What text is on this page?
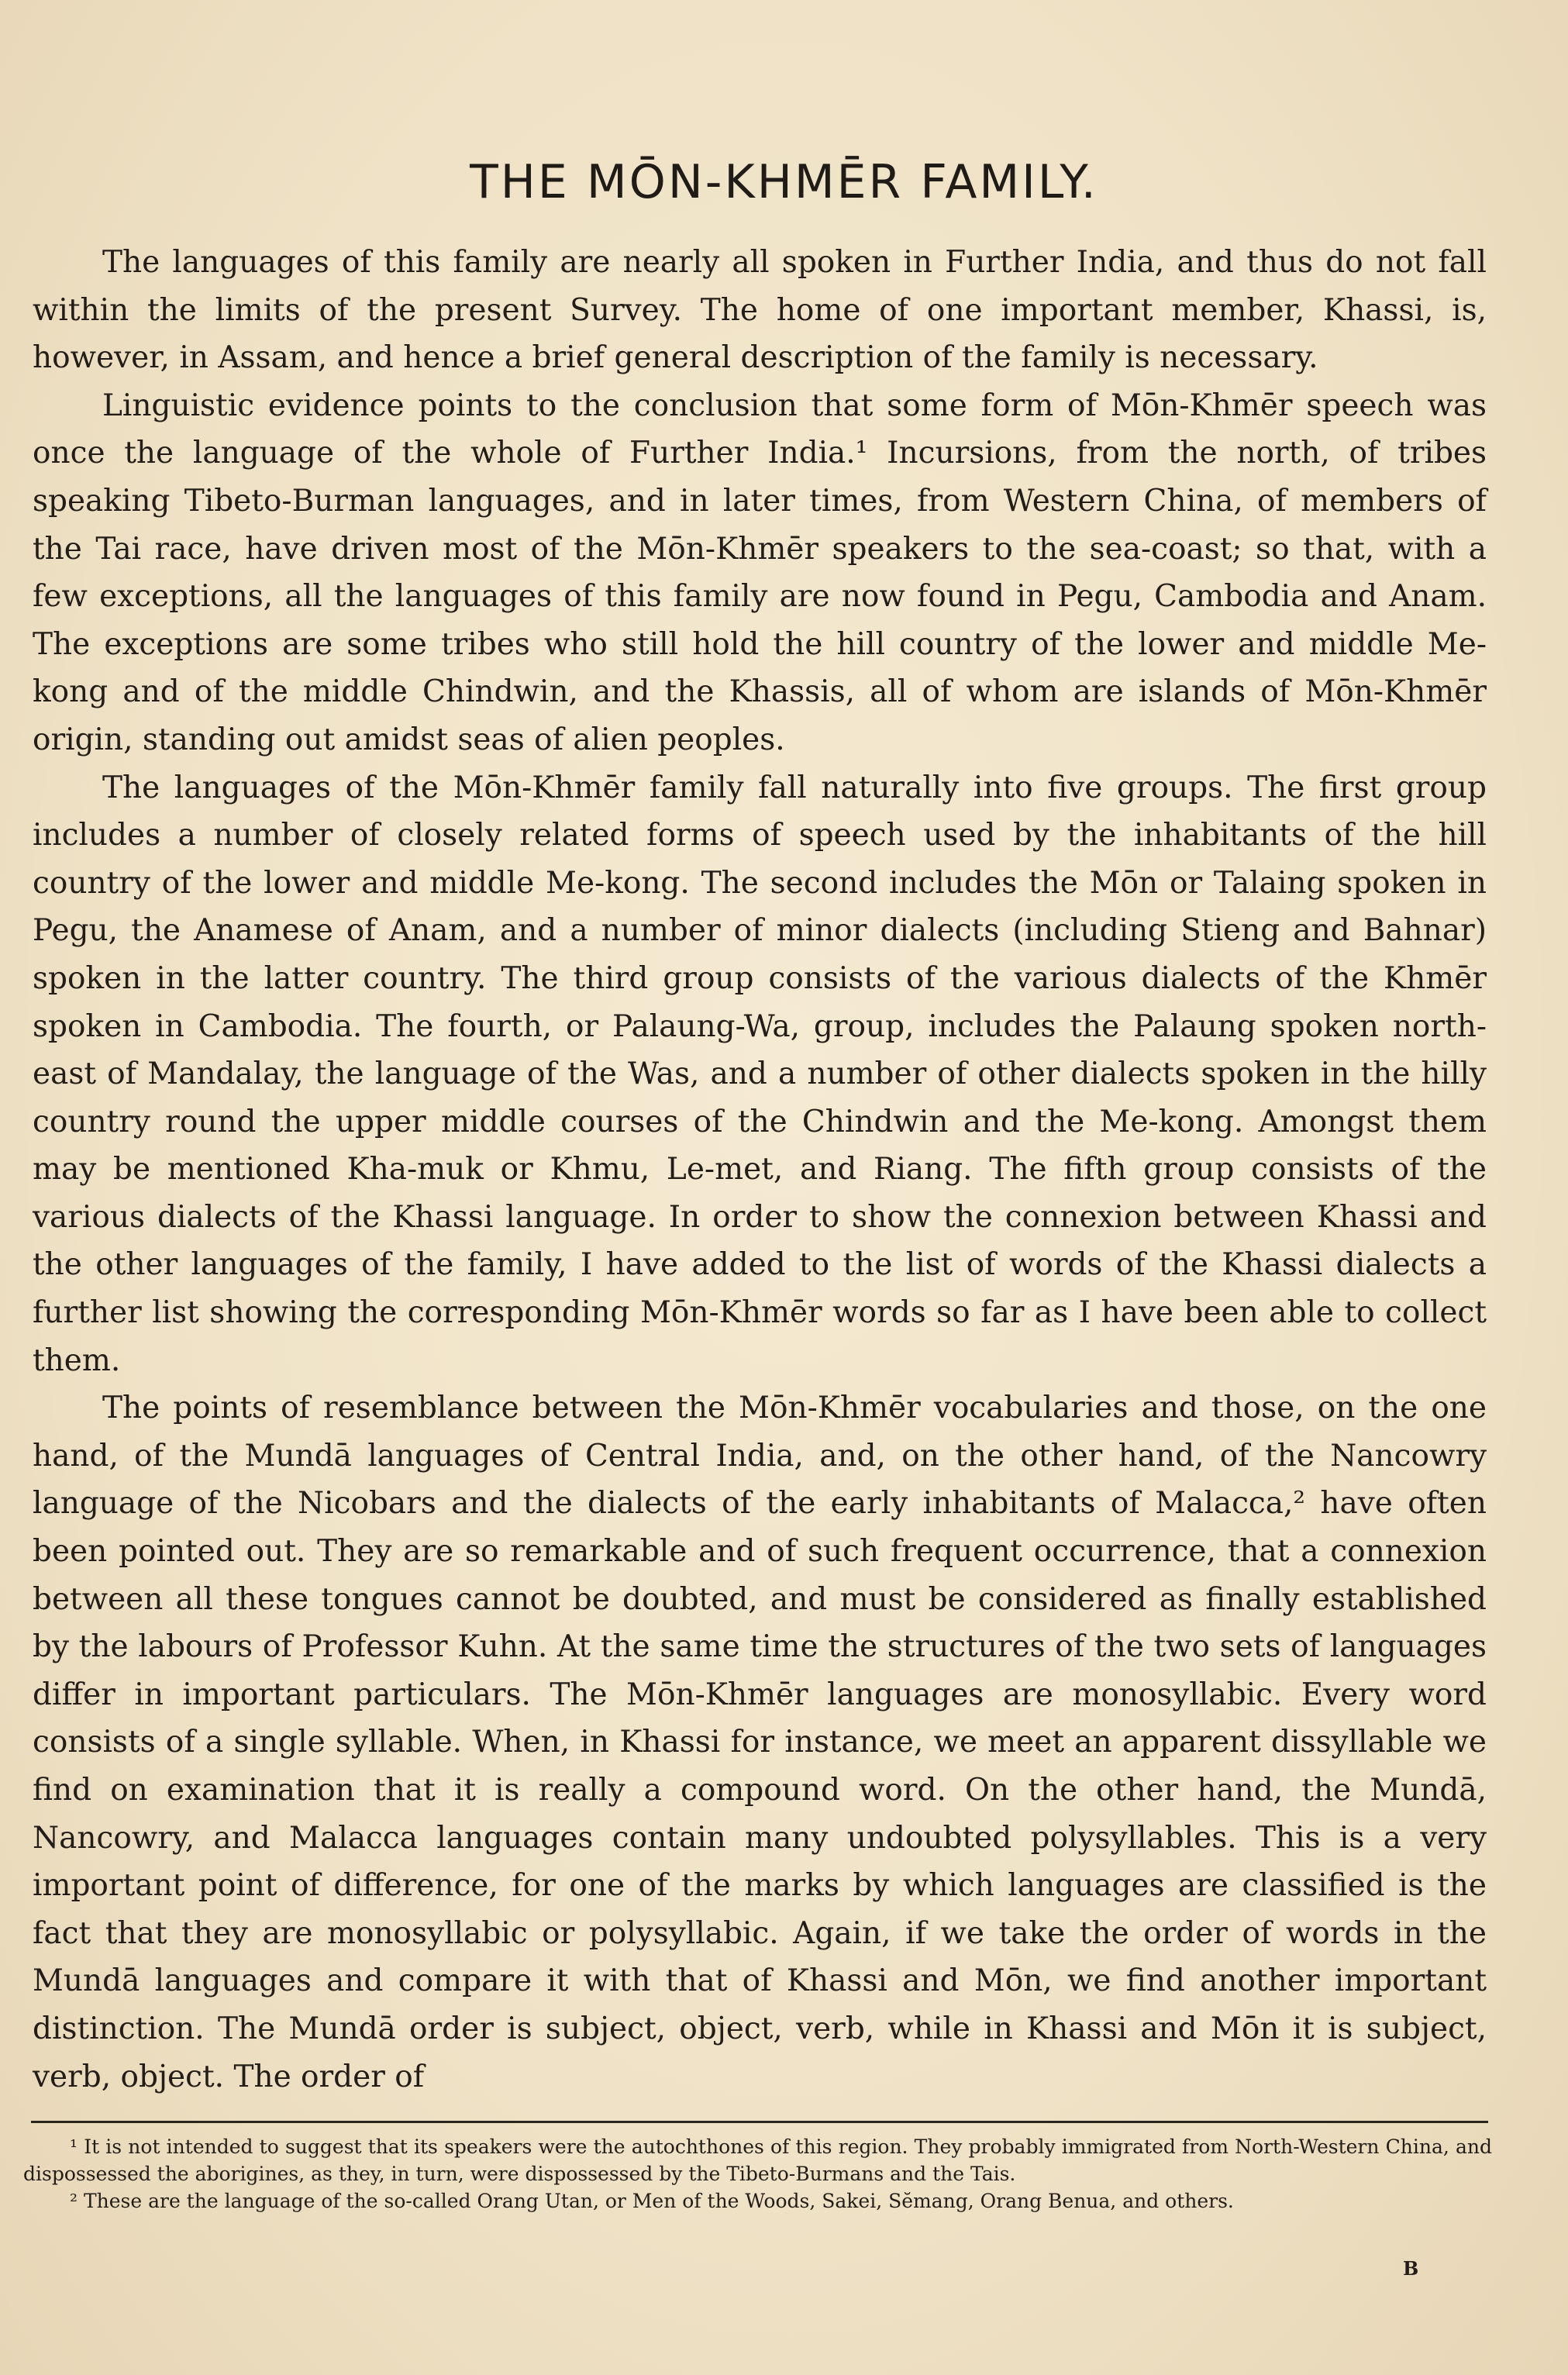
THE MŌN-KHMĒR FAMILY.

The languages of this family are nearly all spoken in Further India, and thus do not fall within the limits of the present Survey. The home of one important member, Khassi, is, however, in Assam, and hence a brief general description of the family is necessary.

Linguistic evidence points to the conclusion that some form of Mōn-Khmēr speech was once the language of the whole of Further India.¹ Incursions, from the north, of tribes speaking Tibeto-Burman languages, and in later times, from Western China, of members of the Tai race, have driven most of the Mōn-Khmēr speakers to the sea-coast; so that, with a few exceptions, all the languages of this family are now found in Pegu, Cambodia and Anam. The exceptions are some tribes who still hold the hill country of the lower and middle Me-kong and of the middle Chindwin, and the Khassis, all of whom are islands of Mōn-Khmēr origin, standing out amidst seas of alien peoples.

The languages of the Mōn-Khmēr family fall naturally into five groups. The first group includes a number of closely related forms of speech used by the inhabitants of the hill country of the lower and middle Me-kong. The second includes the Mōn or Talaing spoken in Pegu, the Anamese of Anam, and a number of minor dialects (including Stieng and Bahnar) spoken in the latter country. The third group consists of the various dialects of the Khmēr spoken in Cambodia. The fourth, or Palaung-Wa, group, includes the Palaung spoken north-east of Mandalay, the language of the Was, and a number of other dialects spoken in the hilly country round the upper middle courses of the Chindwin and the Me-kong. Amongst them may be mentioned Kha-muk or Khmu, Le-met, and Riang. The fifth group consists of the various dialects of the Khassi language. In order to show the connexion between Khassi and the other languages of the family, I have added to the list of words of the Khassi dialects a further list showing the corresponding Mōn-Khmēr words so far as I have been able to collect them.

The points of resemblance between the Mōn-Khmēr vocabularies and those, on the one hand, of the Mundā languages of Central India, and, on the other hand, of the Nancowry language of the Nicobars and the dialects of the early inhabitants of Malacca,² have often been pointed out. They are so remarkable and of such frequent occurrence, that a connexion between all these tongues cannot be doubted, and must be considered as finally established by the labours of Professor Kuhn. At the same time the structures of the two sets of languages differ in important particulars. The Mōn-Khmēr languages are monosyllabic. Every word consists of a single syllable. When, in Khassi for instance, we meet an apparent dissyllable we find on examination that it is really a compound word. On the other hand, the Mundā, Nancowry, and Malacca languages contain many undoubted polysyllables. This is a very important point of difference, for one of the marks by which languages are classified is the fact that they are monosyllabic or polysyllabic. Again, if we take the order of words in the Mundā languages and compare it with that of Khassi and Mōn, we find another important distinction. The Mundā order is subject, object, verb, while in Khassi and Mōn it is subject, verb, object. The order of

¹ It is not intended to suggest that its speakers were the autochthones of this region. They probably immigrated from North-Western China, and dispossessed the aborigines, as they, in turn, were dispossessed by the Tibeto-Burmans and the Tais.

² These are the language of the so-called Orang Utan, or Men of the Woods, Sakei, Sĕmang, Orang Benua, and others.

B
